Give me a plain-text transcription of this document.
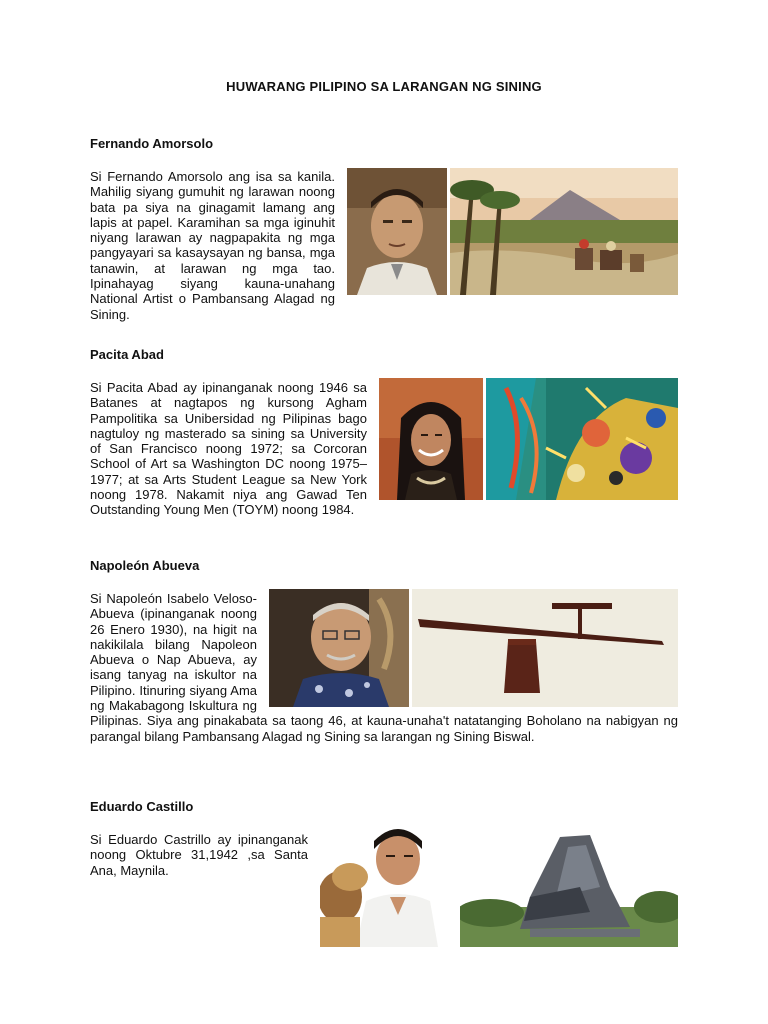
HUWARANG PILIPINO SA LARANGAN NG SINING
Fernando Amorsolo

Si Fernando Amorsolo ang isa sa kanila. Mahilig siyang gumuhit ng larawan noong bata pa siya na ginagamit lamang ang lapis at papel. Karamihan sa mga iginuhit niyang larawan ay nagpapakita ng mga pangyayari sa kasaysayan ng bansa, mga tanawin, at larawan ng mga tao. Ipinahayag siyang kauna-unahang National Artist o Pambansang Alagad ng Sining.

Pacita Abad

Si Pacita Abad ay ipinanganak noong 1946 sa Batanes at nagtapos ng kursong Agham Pampolitika sa Unibersidad ng Pilipinas bago nagtuloy ng masterado sa sining sa University of San Francisco noong 1972; sa Corcoran School of Art sa Washington DC noong 1975–1977; at sa Arts Student League sa New York noong 1978. Nakamit niya ang Gawad Ten Outstanding Young Men (TOYM) noong 1984.

Napoleón Abueva

Si Napoleón Isabelo Veloso-Abueva (ipinanganak noong 26 Enero 1930), na higit na nakikilala bilang Napoleon Abueva o Nap Abueva, ay isang tanyag na iskultor na Pilipino. Itinuring siyang Ama ng Makabagong Iskultura ng Pilipinas. Siya ang pinakabata sa taong 46, at kauna-unaha't natatanging Boholano na nabigyan ng parangal bilang Pambansang Alagad ng Sining sa larangan ng Sining Biswal.

Eduardo Castillo

Si Eduardo Castrillo ay ipinanganak noong Oktubre 31,1942 ,sa Santa Ana, Maynila.
